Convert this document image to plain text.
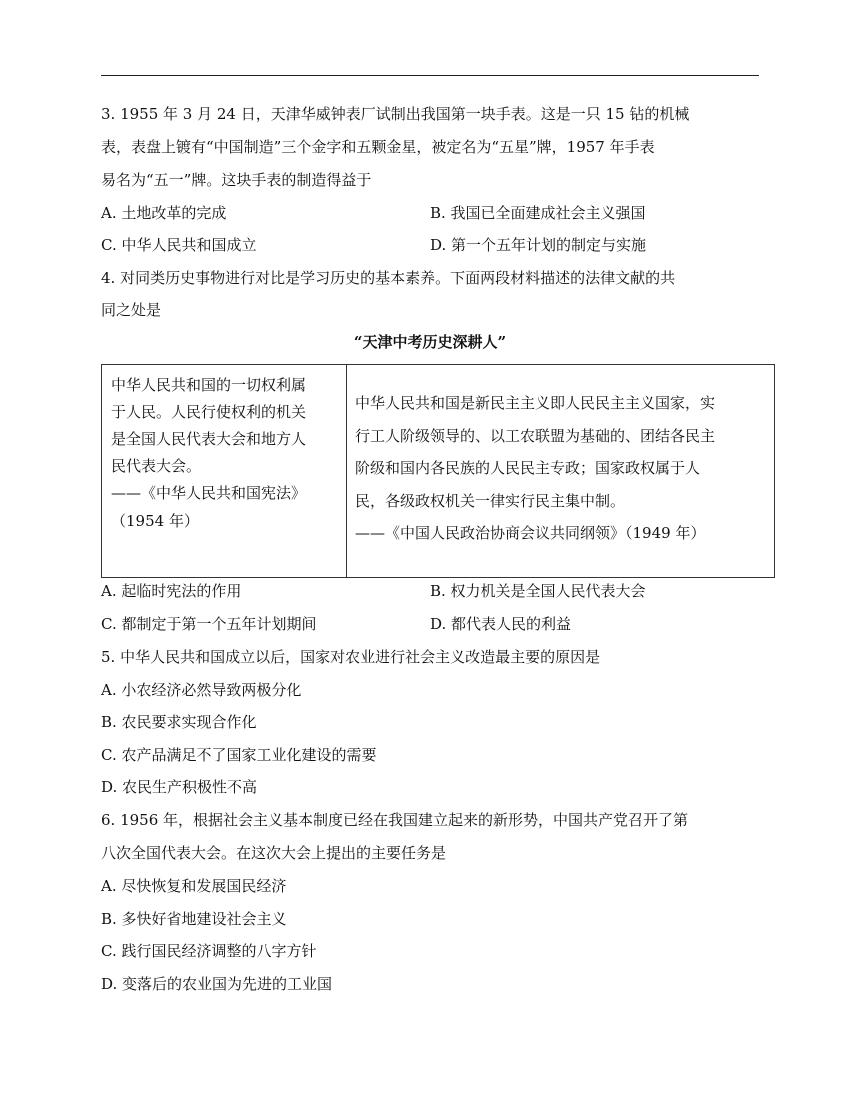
3. 1955 年 3 月 24 日，天津华威钟表厂试制出我国第一块手表。这是一只 15 钻的机械
表，表盘上镀有“中国制造”三个金字和五颗金星，被定名为“五星”牌，1957 年手表
易名为“五一”牌。这块手表的制造得益于
A. 土地改革的完成	B. 我国已全面建成社会主义强国
C. 中华人民共和国成立	D. 第一个五年计划的制定与实施
4. 对同类历史事物进行对比是学习历史的基本素养。下面两段材料描述的法律文献的共
同之处是
“天津中考历史深耕人”
中华人民共和国的一切权利属
于人民。人民行使权利的机关
是全国人民代表大会和地方人
民代表大会。
——《中华人民共和国宪法》
（1954 年）
中华人民共和国是新民主主义即人民民主主义国家，实
行工人阶级领导的、以工农联盟为基础的、团结各民主
阶级和国内各民族的人民民主专政；国家政权属于人
民，各级政权机关一律实行民主集中制。
——《中国人民政治协商会议共同纲领》（1949 年）
A. 起临时宪法的作用	B. 权力机关是全国人民代表大会
C. 都制定于第一个五年计划期间	D. 都代表人民的利益
5. 中华人民共和国成立以后，国家对农业进行社会主义改造最主要的原因是
A. 小农经济必然导致两极分化
B. 农民要求实现合作化
C. 农产品满足不了国家工业化建设的需要
D. 农民生产积极性不高
6. 1956 年，根据社会主义基本制度已经在我国建立起来的新形势，中国共产党召开了第
八次全国代表大会。在这次大会上提出的主要任务是
A. 尽快恢复和发展国民经济
B. 多快好省地建设社会主义
C. 践行国民经济调整的八字方针
D. 变落后的农业国为先进的工业国
